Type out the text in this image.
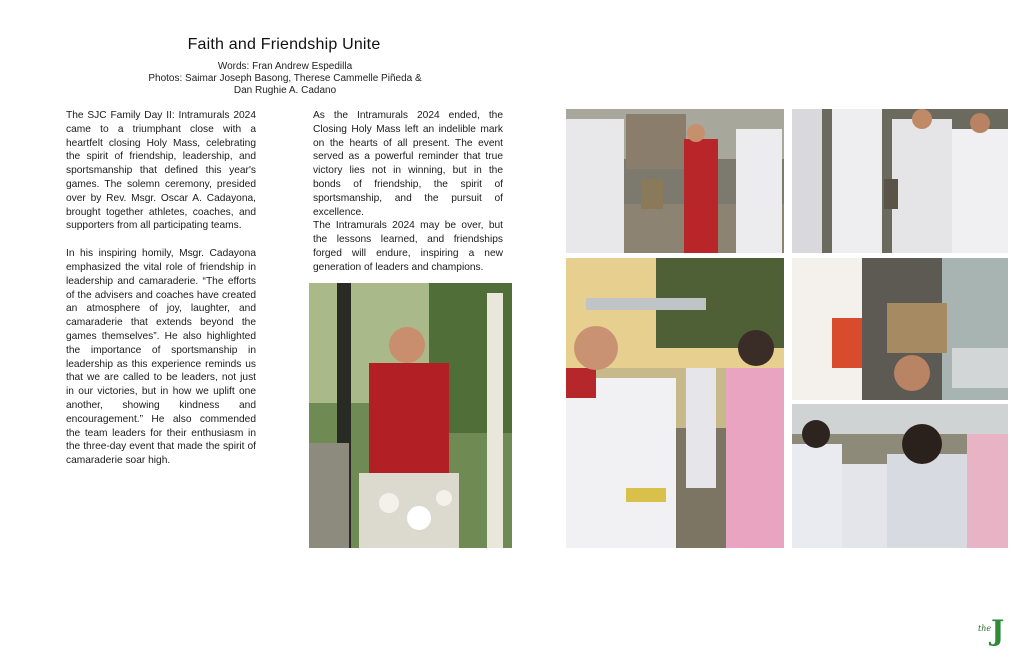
Faith and Friendship Unite
Words: Fran Andrew Espedilla
Photos: Saimar Joseph Basong, Therese Cammelle Piñeda &
Dan Rughie A. Cadano

The SJC Family Day II: Intramurals 2024 came to a triumphant close with a heartfelt closing Holy Mass, celebrating the spirit of friendship, leadership, and sportsmanship that defined this year's games. The solemn ceremony, presided over by Rev. Msgr. Oscar A. Cadayona, brought together athletes, coaches, and supporters from all participating teams.

In his inspiring homily, Msgr. Cadayona emphasized the vital role of friendship in leadership and camaraderie. “The efforts of the advisers and coaches have created an atmosphere of joy, laughter, and camaraderie that extends beyond the games themselves”. He also highlighted the importance of sportsmanship in leadership as this experience reminds us that we are called to be leaders, not just in our victories, but in how we uplift one another, showing kindness and encouragement.” He also commended the team leaders for their enthusiasm in the three-day event that made the spirit of camaraderie soar high.

As the Intramurals 2024 ended, the Closing Holy Mass left an indelible mark on the hearts of all present. The event served as a powerful reminder that true victory lies not in winning, but in the bonds of friendship, the spirit of sportsmanship, and the pursuit of excellence.

The Intramurals 2024 may be over, but the lessons learned, and friendships forged will endure, inspiring a new generation of leaders and champions.

the J
